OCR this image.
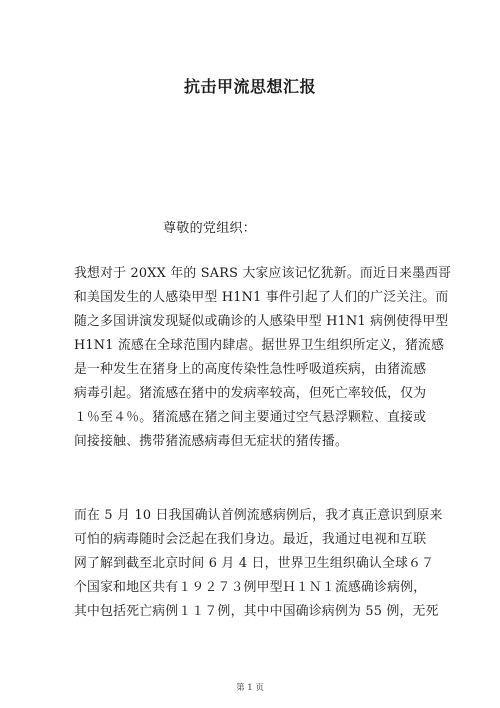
抗击甲流思想汇报
尊敬的党组织：
我想对于 20XX 年的 SARS 大家应该记忆犹新。而近日来墨西哥
和美国发生的人感染甲型 H1N1 事件引起了人们的广泛关注。而
随之多国讲演发现疑似或确诊的人感染甲型 H1N1 病例使得甲型
H1N1 流感在全球范围内肆虐。据世界卫生组织所定义，猪流感
是一种发生在猪身上的高度传染性急性呼吸道疾病，由猪流感
病毒引起。猪流感在猪中的发病率较高，但死亡率较低，仅为
１％至４％。猪流感在猪之间主要通过空气悬浮颗粒、直接或
间接接触、携带猪流感病毒但无症状的猪传播。
而在 5 月 10 日我国确认首例流感病例后，我才真正意识到原来
可怕的病毒随时会泛起在我们身边。最近，我通过电视和互联
网了解到截至北京时间 6 月 4 日，世界卫生组织确认全球６７
个国家和地区共有１９２７３例甲型Ｈ１Ｎ１流感确诊病例，
其中包括死亡病例１１７例，其中中国确诊病例为 55 例，无死
第 1 页
